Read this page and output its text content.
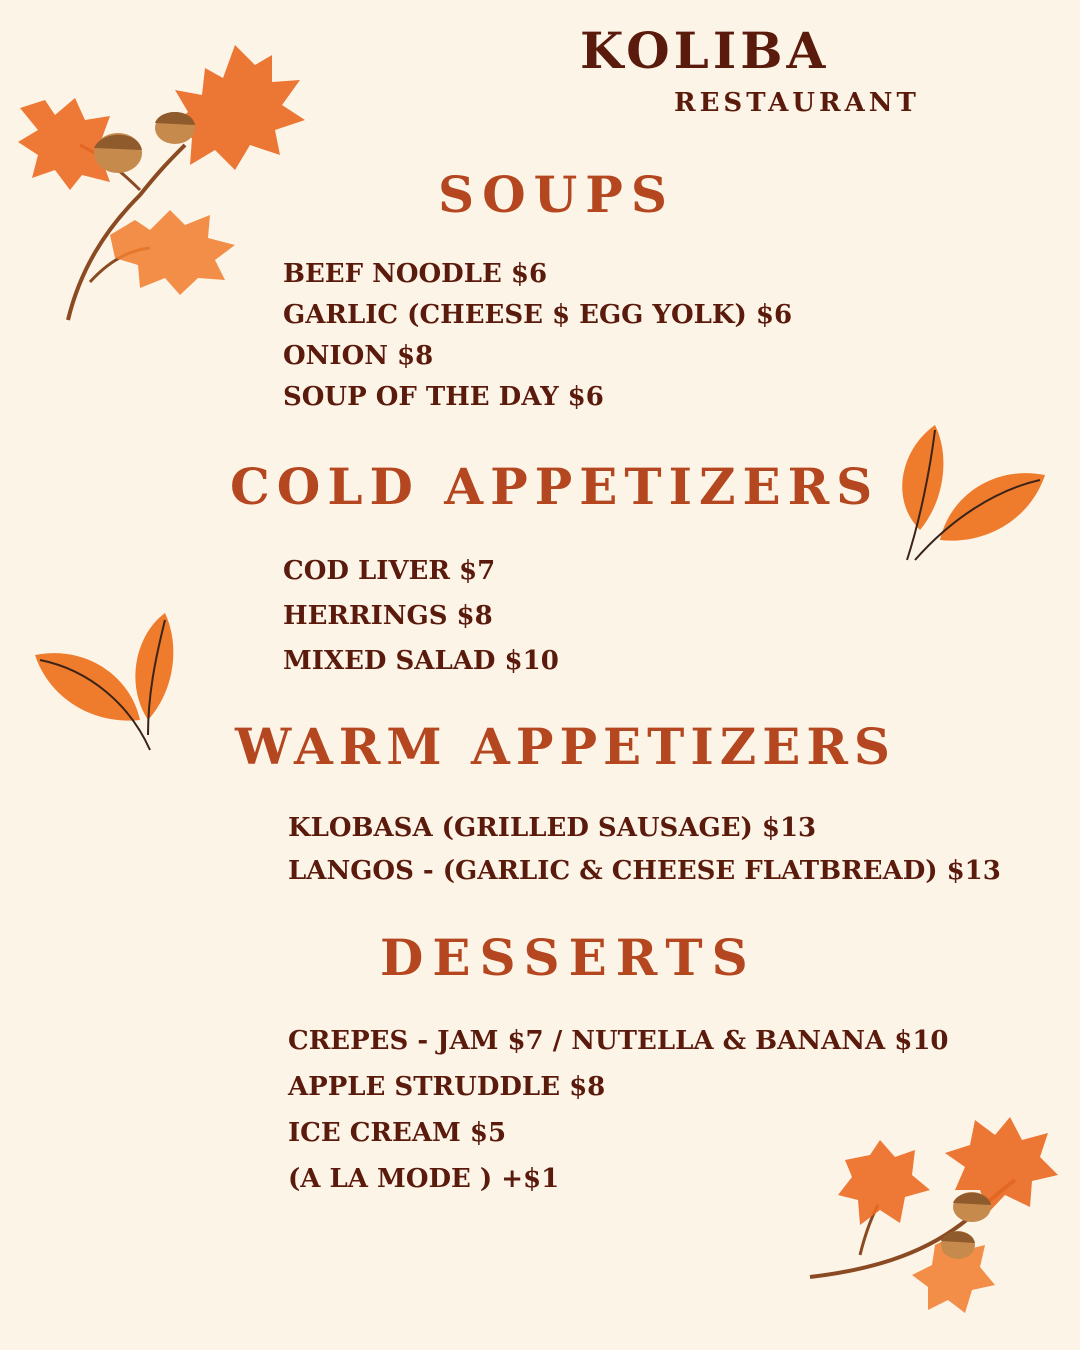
KOLIBA
RESTAURANT
SOUPS
BEEF NOODLE $6
GARLIC (CHEESE $ EGG YOLK) $6
ONION $8
SOUP OF THE DAY $6
COLD APPETIZERS
COD LIVER $7
HERRINGS $8
MIXED SALAD $10
WARM APPETIZERS
KLOBASA (GRILLED SAUSAGE) $13
LANGOS - (GARLIC & CHEESE FLATBREAD) $13
DESSERTS
CREPES - JAM $7 / NUTELLA & BANANA $10
APPLE STRUDDLE $8
ICE CREAM $5
(A LA MODE ) +$1
